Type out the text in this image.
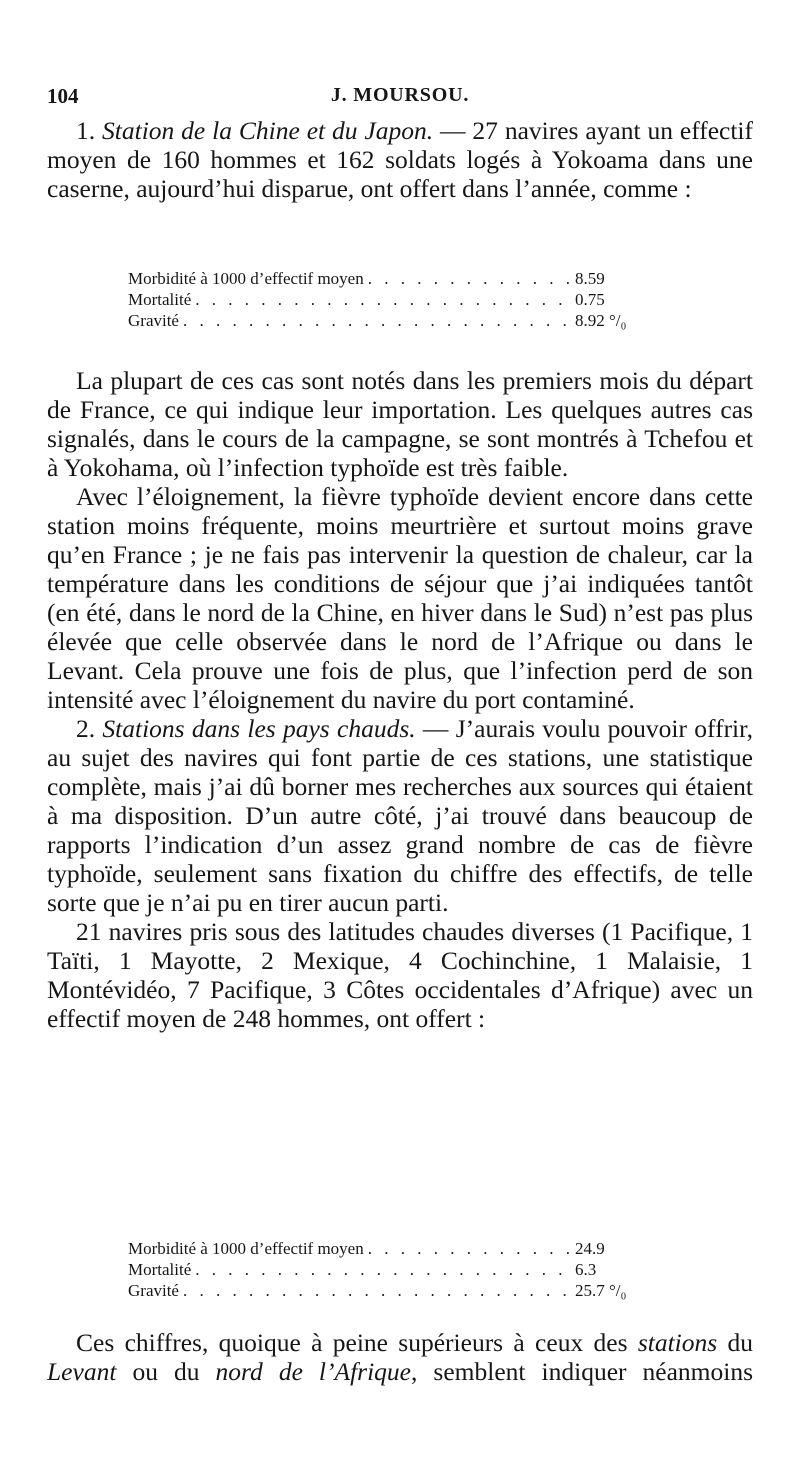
104	J. MOURSOU.

1. Station de la Chine et du Japon. — 27 navires ayant un effectif moyen de 160 hommes et 162 soldats logés à Yokoama dans une caserne, aujourd’hui disparue, ont offert dans l’année, comme :

Morbidité à 1000 d’effectif moyen . . .	8.59
Mortalité . . .	0.75
Gravité . . .	8.92 °/₀

La plupart de ces cas sont notés dans les premiers mois du départ de France, ce qui indique leur importation. Les quelques autres cas signalés, dans le cours de la campagne, se sont montrés à Tchefou et à Yokohama, où l’infection typhoïde est très faible.

Avec l’éloignement, la fièvre typhoïde devient encore dans cette station moins fréquente, moins meurtrière et surtout moins grave qu’en France ; je ne fais pas intervenir la question de chaleur, car la température dans les conditions de séjour que j’ai indiquées tantôt (en été, dans le nord de la Chine, en hiver dans le Sud) n’est pas plus élevée que celle observée dans le nord de l’Afrique ou dans le Levant. Cela prouve une fois de plus, que l’infection perd de son intensité avec l’éloignement du navire du port contaminé.

2. Stations dans les pays chauds. — J’aurais voulu pouvoir offrir, au sujet des navires qui font partie de ces stations, une statistique complète, mais j’ai dû borner mes recherches aux sources qui étaient à ma disposition. D’un autre côté, j’ai trouvé dans beaucoup de rapports l’indication d’un assez grand nombre de cas de fièvre typhoïde, seulement sans fixation du chiffre des effectifs, de telle sorte que je n’ai pu en tirer aucun parti.

21 navires pris sous des latitudes chaudes diverses (1 Pacifique, 1 Taïti, 1 Mayotte, 2 Mexique, 4 Cochinchine, 1 Malaisie, 1 Montévidéo, 7 Pacifique, 3 Côtes occidentales d’Afrique) avec un effectif moyen de 248 hommes, ont offert :

Morbidité à 1000 d’effectif moyen . . .	24.9
Mortalité . . .	6.3
Gravité . . .	25.7 °/₀

Ces chiffres, quoique à peine supérieurs à ceux des stations du
Levant ou du nord de l’Afrique, semblent indiquer néanmoins
